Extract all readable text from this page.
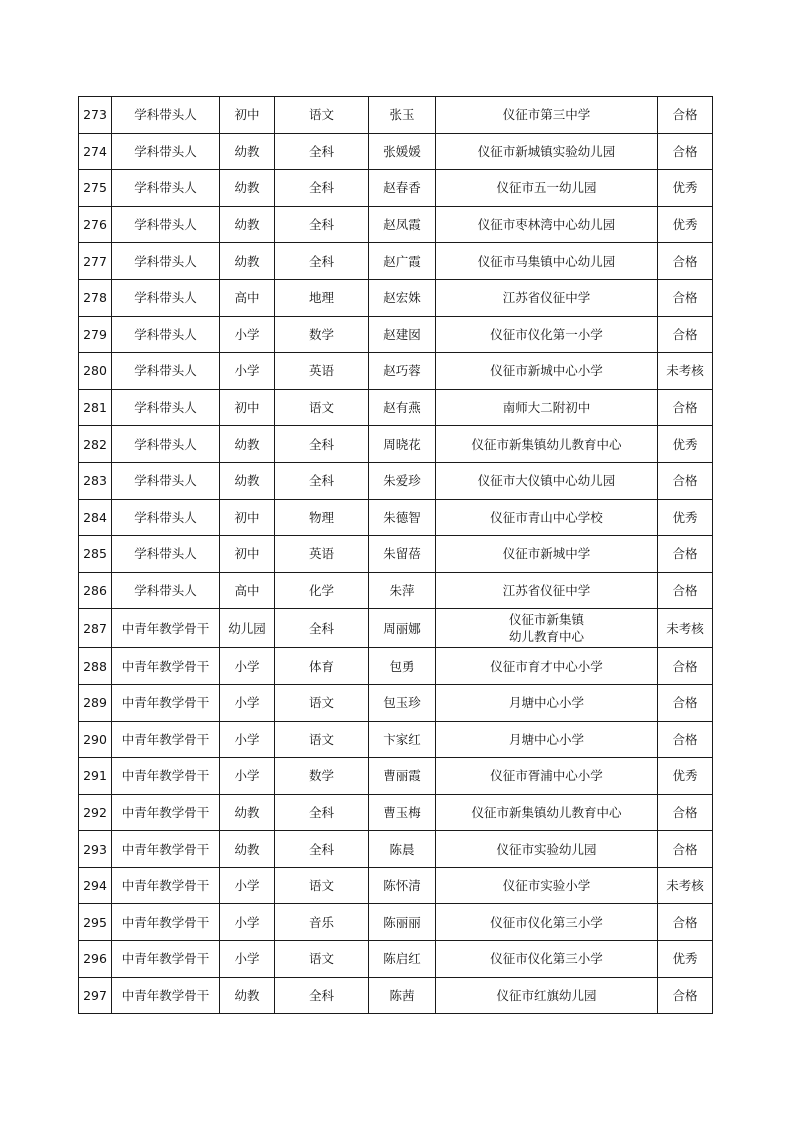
273	学科带头人	初中	语文	张玉	仪征市第三中学	合格
274	学科带头人	幼教	全科	张媛媛	仪征市新城镇实验幼儿园	合格
275	学科带头人	幼教	全科	赵春香	仪征市五一幼儿园	优秀
276	学科带头人	幼教	全科	赵凤霞	仪征市枣林湾中心幼儿园	优秀
277	学科带头人	幼教	全科	赵广霞	仪征市马集镇中心幼儿园	合格
278	学科带头人	高中	地理	赵宏姝	江苏省仪征中学	合格
279	学科带头人	小学	数学	赵建囡	仪征市仪化第一小学	合格
280	学科带头人	小学	英语	赵巧蓉	仪征市新城中心小学	未考核
281	学科带头人	初中	语文	赵有燕	南师大二附初中	合格
282	学科带头人	幼教	全科	周晓花	仪征市新集镇幼儿教育中心	优秀
283	学科带头人	幼教	全科	朱爱珍	仪征市大仪镇中心幼儿园	合格
284	学科带头人	初中	物理	朱德智	仪征市青山中心学校	优秀
285	学科带头人	初中	英语	朱留蓓	仪征市新城中学	合格
286	学科带头人	高中	化学	朱萍	江苏省仪征中学	合格
287	中青年教学骨干	幼儿园	全科	周丽娜	仪征市新集镇
幼儿教育中心	未考核
288	中青年教学骨干	小学	体育	包勇	仪征市育才中心小学	合格
289	中青年教学骨干	小学	语文	包玉珍	月塘中心小学	合格
290	中青年教学骨干	小学	语文	卞家红	月塘中心小学	合格
291	中青年教学骨干	小学	数学	曹丽霞	仪征市胥浦中心小学	优秀
292	中青年教学骨干	幼教	全科	曹玉梅	仪征市新集镇幼儿教育中心	合格
293	中青年教学骨干	幼教	全科	陈晨	仪征市实验幼儿园	合格
294	中青年教学骨干	小学	语文	陈怀清	仪征市实验小学	未考核
295	中青年教学骨干	小学	音乐	陈丽丽	仪征市仪化第三小学	合格
296	中青年教学骨干	小学	语文	陈启红	仪征市仪化第三小学	优秀
297	中青年教学骨干	幼教	全科	陈茜	仪征市红旗幼儿园	合格
